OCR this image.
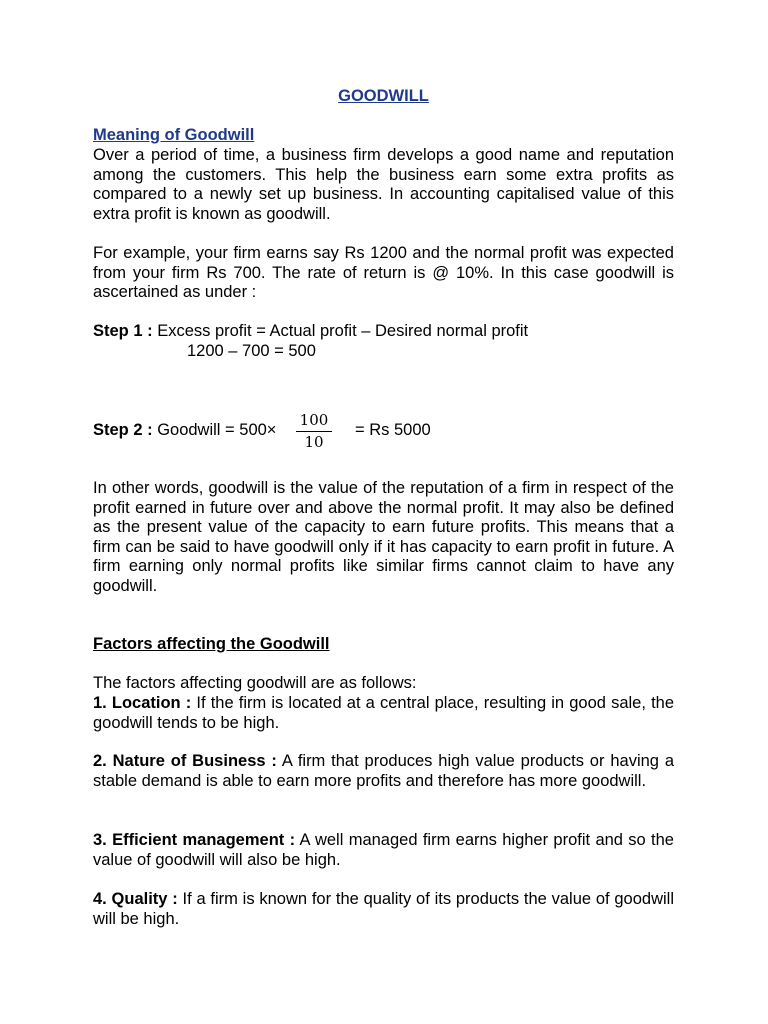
GOODWILL
Meaning of Goodwill

Over a period of time, a business firm develops a good name and reputation among the customers. This help the business earn some extra profits as compared to a newly set up business. In accounting capitalised value of this extra profit is known as goodwill.

For example, your firm earns say Rs 1200 and the normal profit was expected from your firm Rs 700. The rate of return is @ 10%. In this case goodwill is ascertained as under :

Step 1 : Excess profit = Actual profit – Desired normal profit
1200 – 700 = 500
Step 2 : Goodwill = $500\times \frac{100}{10} = Rs$ 5000

In other words, goodwill is the value of the reputation of a firm in respect of the profit earned in future over and above the normal profit. It may also be defined as the present value of the capacity to earn future profits. This means that a firm can be said to have goodwill only if it has capacity to earn profit in future. A firm earning only normal profits like similar firms cannot claim to have any goodwill.

Factors affecting the Goodwill

The factors affecting goodwill are as follows:

1. Location : If the firm is located at a central place, resulting in good sale, the goodwill tends to be high.

2. Nature of Business : A firm that produces high value products or having a stable demand is able to earn more profits and therefore has more goodwill.

3. Efficient management : A well managed firm earns higher profit and so the value of goodwill will also be high.

4. Quality : If a firm is known for the quality of its products the value of goodwill will be high.
